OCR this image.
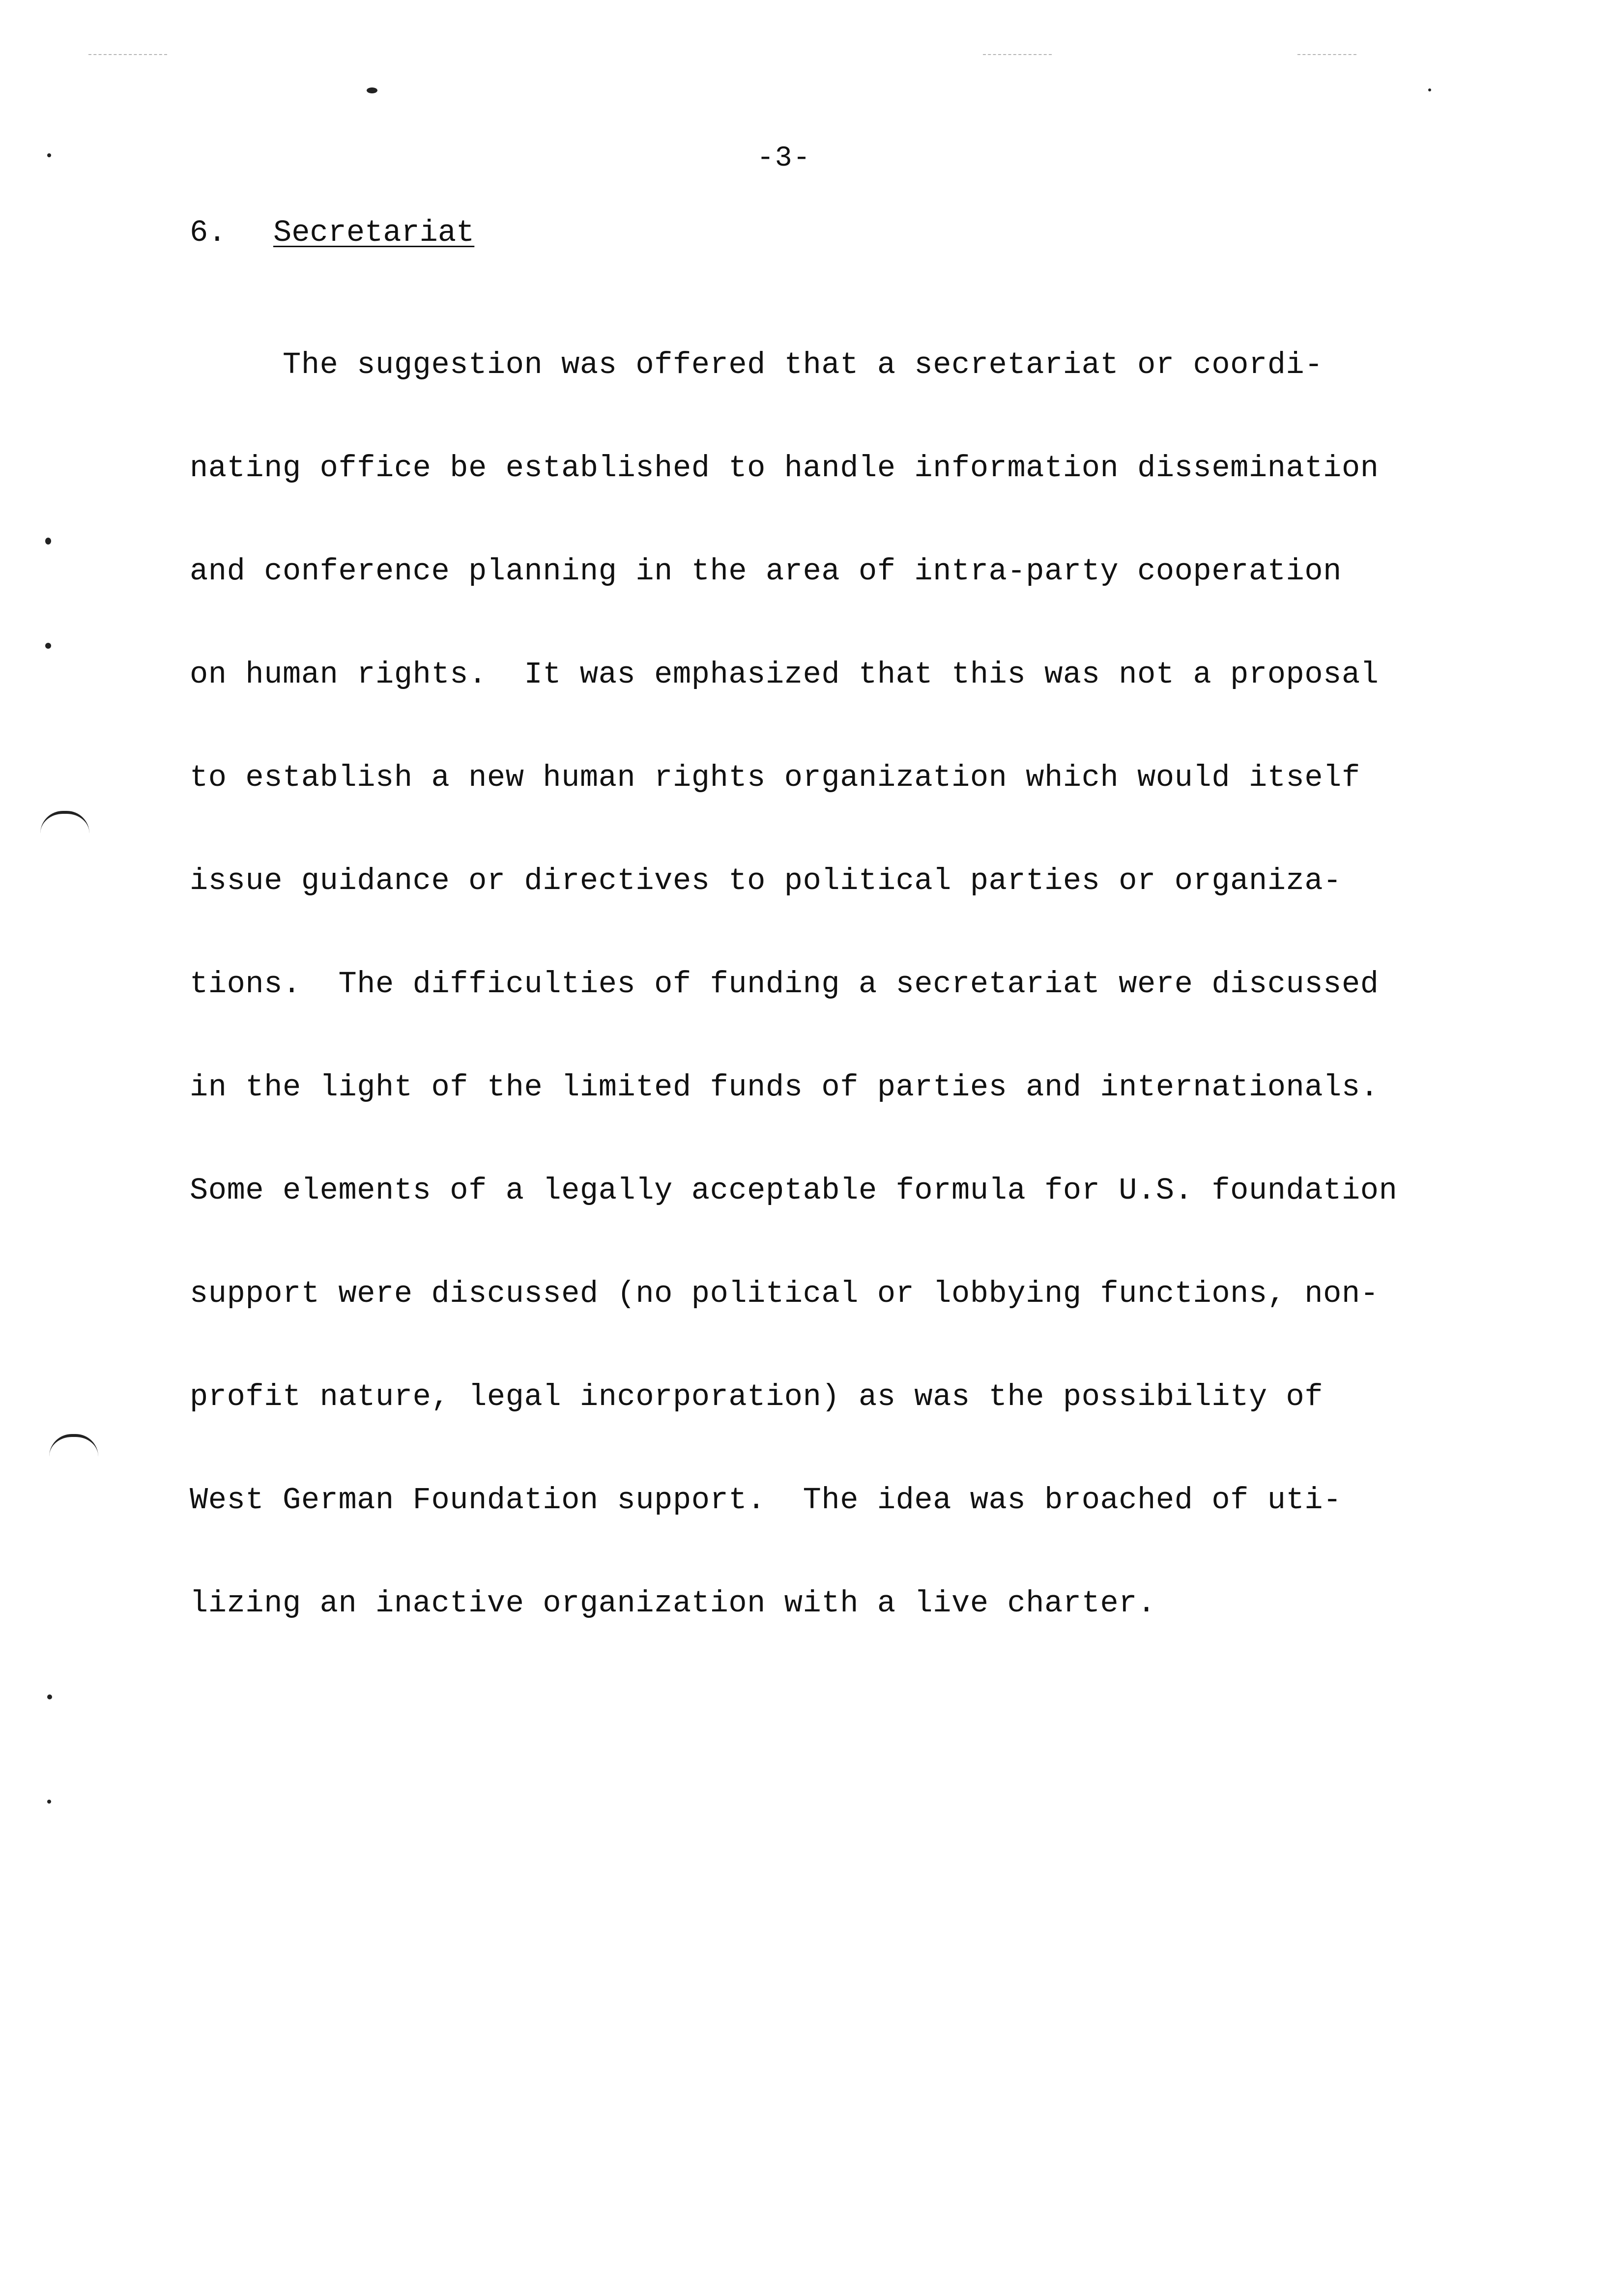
-3-
6. Secretariat

The suggestion was offered that a secretariat or coordi-

nating office be established to handle information dissemination

and conference planning in the area of intra-party cooperation

on human rights.  It was emphasized that this was not a proposal

to establish a new human rights organization which would itself

issue guidance or directives to political parties or organiza-

tions.  The difficulties of funding a secretariat were discussed

in the light of the limited funds of parties and internationals.

Some elements of a legally acceptable formula for U.S. foundation

support were discussed (no political or lobbying functions, non-

profit nature, legal incorporation) as was the possibility of

West German Foundation support.  The idea was broached of uti-

lizing an inactive organization with a live charter.
